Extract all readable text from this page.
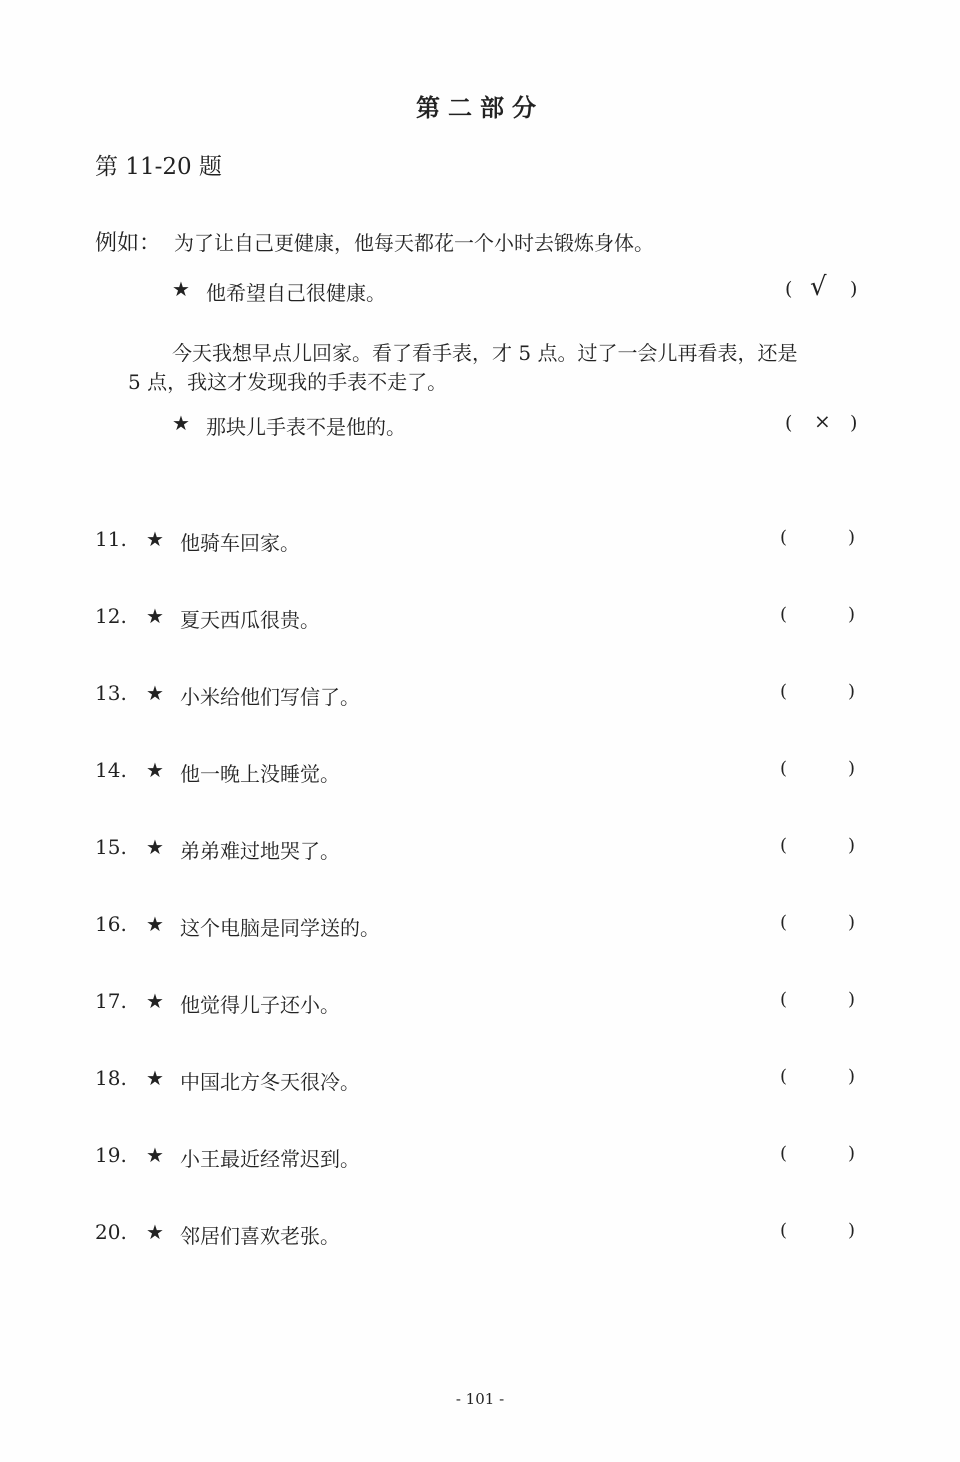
第二部分
第 11-20 题
例如： 为了让自己更健康，他每天都花一个小时去锻炼身体。
★ 他希望自己很健康。	( √ )
今天我想早点儿回家。看了看手表，才 5 点。过了一会儿再看表，还是
5 点，我这才发现我的手表不走了。
★ 那块儿手表不是他的。	( × )
11. ★ 他骑车回家。	(	)
12. ★ 夏天西瓜很贵。	(	)
13. ★ 小米给他们写信了。	(	)
14. ★ 他一晚上没睡觉。	(	)
15. ★ 弟弟难过地哭了。	(	)
16. ★ 这个电脑是同学送的。	(	)
17. ★ 他觉得儿子还小。	(	)
18. ★ 中国北方冬天很冷。	(	)
19. ★ 小王最近经常迟到。	(	)
20. ★ 邻居们喜欢老张。	(	)
- 101 -
